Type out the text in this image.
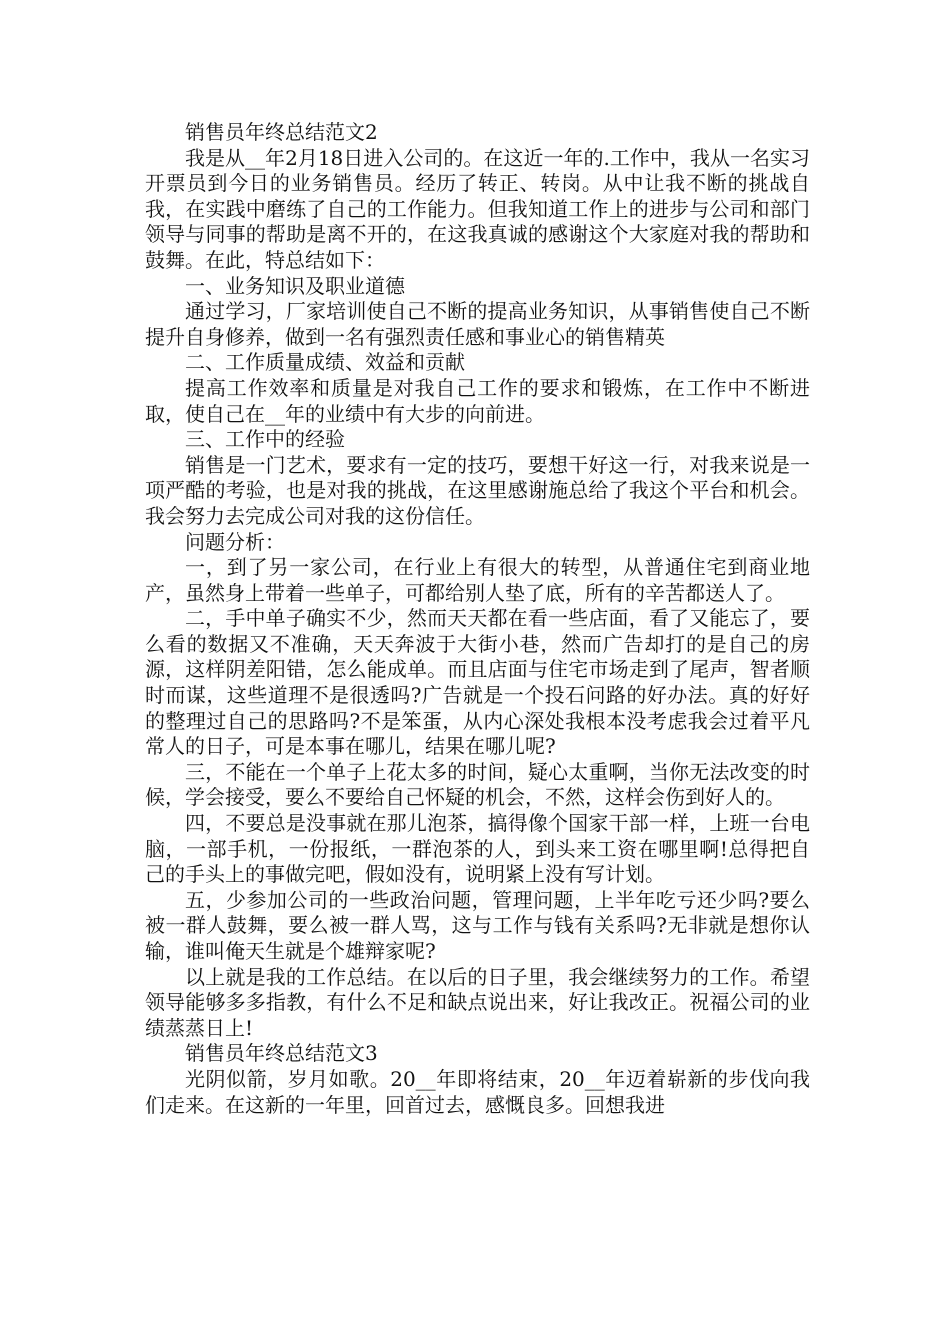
销售员年终总结范文2

我是从__年2月18日进入公司的。在这近一年的.工作中，我从一名实习开票员到今日的业务销售员。经历了转正、转岗。从中让我不断的挑战自我，在实践中磨练了自己的工作能力。但我知道工作上的进步与公司和部门领导与同事的帮助是离不开的，在这我真诚的感谢这个大家庭对我的帮助和鼓舞。在此，特总结如下：

一、业务知识及职业道德

通过学习，厂家培训使自己不断的提高业务知识，从事销售使自己不断提升自身修养，做到一名有强烈责任感和事业心的销售精英

二、工作质量成绩、效益和贡献

提高工作效率和质量是对我自己工作的要求和锻炼，在工作中不断进取，使自己在__年的业绩中有大步的向前进。

三、工作中的经验

销售是一门艺术，要求有一定的技巧，要想干好这一行，对我来说是一项严酷的考验，也是对我的挑战，在这里感谢施总给了我这个平台和机会。我会努力去完成公司对我的这份信任。

问题分析：

一，到了另一家公司，在行业上有很大的转型，从普通住宅到商业地产，虽然身上带着一些单子，可都给别人垫了底，所有的辛苦都送人了。

二，手中单子确实不少，然而天天都在看一些店面，看了又能忘了，要么看的数据又不准确，天天奔波于大街小巷，然而广告却打的是自己的房源，这样阴差阳错，怎么能成单。而且店面与住宅市场走到了尾声，智者顺时而谋，这些道理不是很透吗?广告就是一个投石问路的好办法。真的好好的整理过自己的思路吗?不是笨蛋，从内心深处我根本没考虑我会过着平凡常人的日子，可是本事在哪儿，结果在哪儿呢?

三，不能在一个单子上花太多的时间，疑心太重啊，当你无法改变的时候，学会接受，要么不要给自己怀疑的机会，不然，这样会伤到好人的。

四，不要总是没事就在那儿泡茶，搞得像个国家干部一样，上班一台电脑，一部手机，一份报纸，一群泡茶的人，到头来工资在哪里啊!总得把自己的手头上的事做完吧，假如没有，说明紧上没有写计划。

五，少参加公司的一些政治问题，管理问题，上半年吃亏还少吗?要么被一群人鼓舞，要么被一群人骂，这与工作与钱有关系吗?无非就是想你认输，谁叫俺天生就是个雄辩家呢?

以上就是我的工作总结。在以后的日子里，我会继续努力的工作。希望领导能够多多指教，有什么不足和缺点说出来，好让我改正。祝福公司的业绩蒸蒸日上!

销售员年终总结范文3

光阴似箭，岁月如歌。20__年即将结束，20__年迈着崭新的步伐向我们走来。在这新的一年里，回首过去，感慨良多。回想我进
